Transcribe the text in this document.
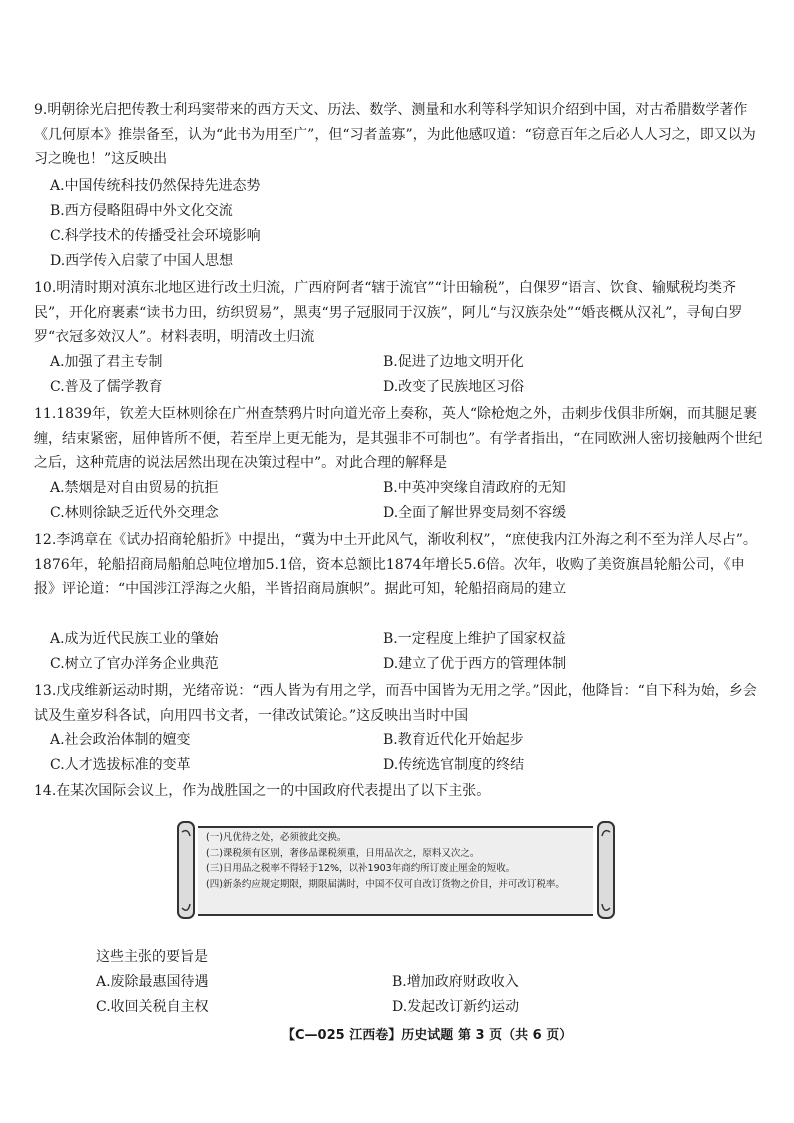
9.明朝徐光启把传教士利玛窦带来的西方天文、历法、数学、测量和水利等科学知识介绍到中国，对古希腊数学著作《几何原本》推崇备至，认为“此书为用至广”，但“习者盖寡”，为此他感叹道：“窃意百年之后必人人习之，即又以为习之晚也！”这反映出
A.中国传统科技仍然保持先进态势
B.西方侵略阻碍中外文化交流
C.科学技术的传播受社会环境影响
D.西学传入启蒙了中国人思想
10.明清时期对滇东北地区进行改土归流，广西府阿者“辖于流官”“计田输税”，白倮罗“语言、饮食、输赋税均类齐民”，开化府裹素“读书力田，纺织贸易”，黑夷“男子冠服同于汉族”，阿儿“与汉族杂处”“婚丧概从汉礼”，寻甸白罗罗“衣冠多效汉人”。材料表明，明清改土归流
A.加强了君主专制	B.促进了边地文明开化
C.普及了儒学教育	D.改变了民族地区习俗
11.1839年，钦差大臣林则徐在广州查禁鸦片时向道光帝上奏称，英人“除枪炮之外，击刺步伐俱非所娴，而其腿足裹缠，结束紧密，屈伸皆所不便，若至岸上更无能为，是其强非不可制也”。有学者指出，“在同欧洲人密切接触两个世纪之后，这种荒唐的说法居然出现在决策过程中”。对此合理的解释是
A.禁烟是对自由贸易的抗拒	B.中英冲突缘自清政府的无知
C.林则徐缺乏近代外交理念	D.全面了解世界变局刻不容缓
12.李鸿章在《试办招商轮船折》中提出，“冀为中土开此风气，渐收利权”，“庶使我内江外海之利不至为洋人尽占”。1876年，轮船招商局船舶总吨位增加5.1倍，资本总额比1874年增长5.6倍。次年，收购了美资旗昌轮船公司，《申报》评论道：“中国涉江浮海之火船，半皆招商局旗帜”。据此可知，轮船招商局的建立
A.成为近代民族工业的肇始	B.一定程度上维护了国家权益
C.树立了官办洋务企业典范	D.建立了优于西方的管理体制
13.戊戌维新运动时期，光绪帝说：“西人皆为有用之学，而吾中国皆为无用之学。”因此，他降旨：“自下科为始，乡会试及生童岁科各试，向用四书文者，一律改试策论。”这反映出当时中国
A.社会政治体制的嬗变	B.教育近代化开始起步
C.人才选拔标准的变革	D.传统选官制度的终结
14.在某次国际会议上，作为战胜国之一的中国政府代表提出了以下主张。
(一)凡优待之处，必须彼此交换。
(二)课税须有区别，奢侈品课税须重，日用品次之，原料又次之。
(三)日用品之税率不得轻于12%，以补1903年商约所订废止厘金的短收。
(四)新条约应规定期限，期限届满时，中国不仅可自改订货物之价目，并可改订税率。
这些主张的要旨是
A.废除最惠国待遇	B.增加政府财政收入
C.收回关税自主权	D.发起改订新约运动
【C—025 江西卷】历史试题 第 3 页（共 6 页）
